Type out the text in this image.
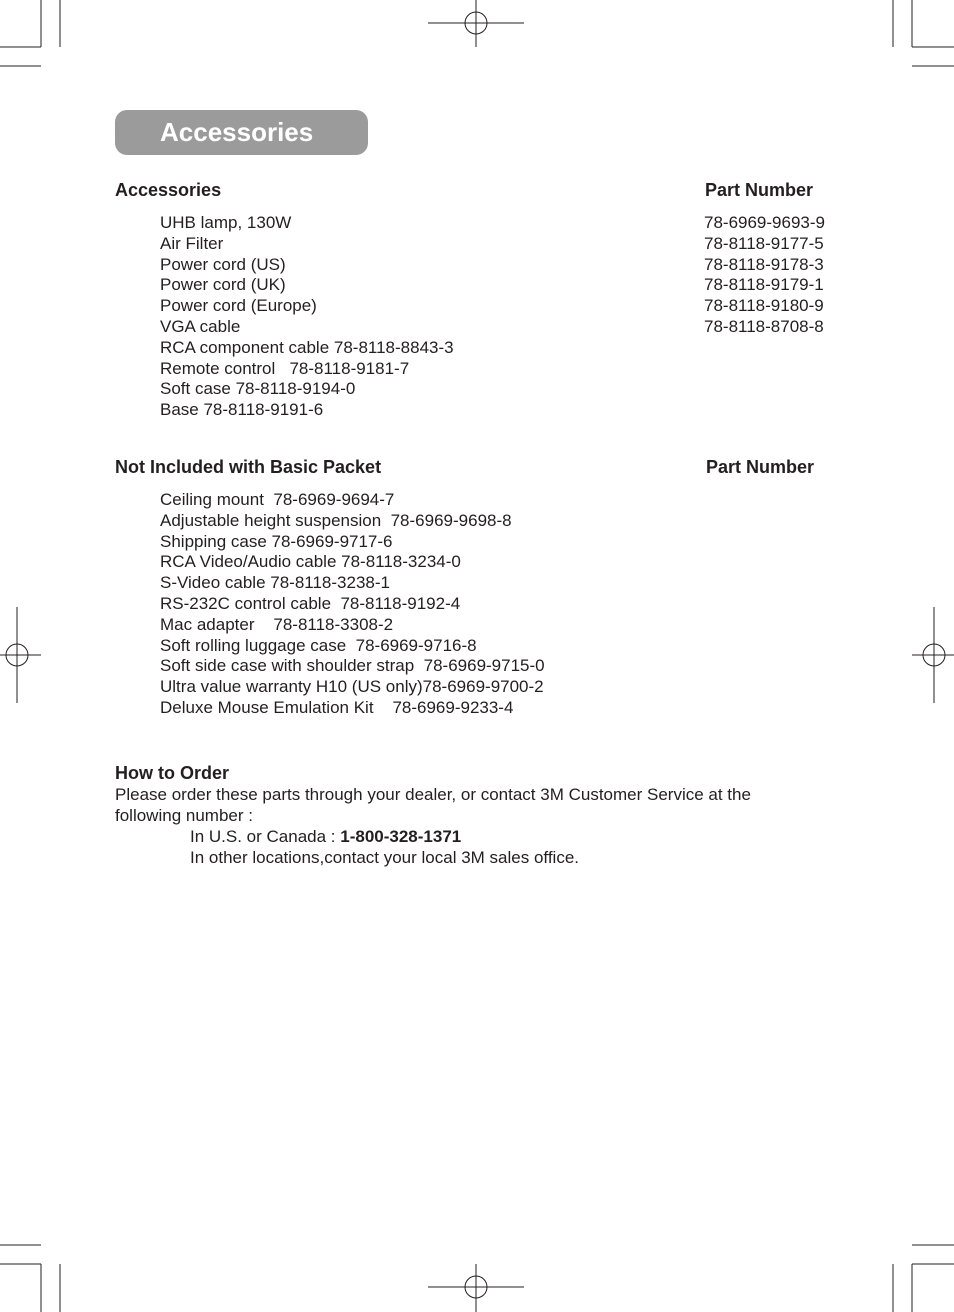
Accessories
Accessories	Part Number
UHB lamp, 130W	78-6969-9693-9
Air Filter	78-8118-9177-5
Power cord (US)	78-8118-9178-3
Power cord (UK)	78-8118-9179-1
Power cord (Europe)	78-8118-9180-9
VGA cable	78-8118-8708-8
RCA component cable 78-8118-8843-3
Remote control   78-8118-9181-7
Soft case 78-8118-9194-0
Base 78-8118-9191-6
Not Included with Basic Packet	Part Number
Ceiling mount  78-6969-9694-7
Adjustable height suspension  78-6969-9698-8
Shipping case 78-6969-9717-6
RCA Video/Audio cable 78-8118-3234-0
S-Video cable 78-8118-3238-1
RS-232C control cable  78-8118-9192-4
Mac adapter    78-8118-3308-2
Soft rolling luggage case  78-6969-9716-8
Soft side case with shoulder strap  78-6969-9715-0
Ultra value warranty H10 (US only)78-6969-9700-2
Deluxe Mouse Emulation Kit    78-6969-9233-4
How to Order
Please order these parts through your dealer, or contact 3M Customer Service at the following number :
In U.S. or Canada : 1-800-328-1371
In other locations,contact your local 3M sales office.
